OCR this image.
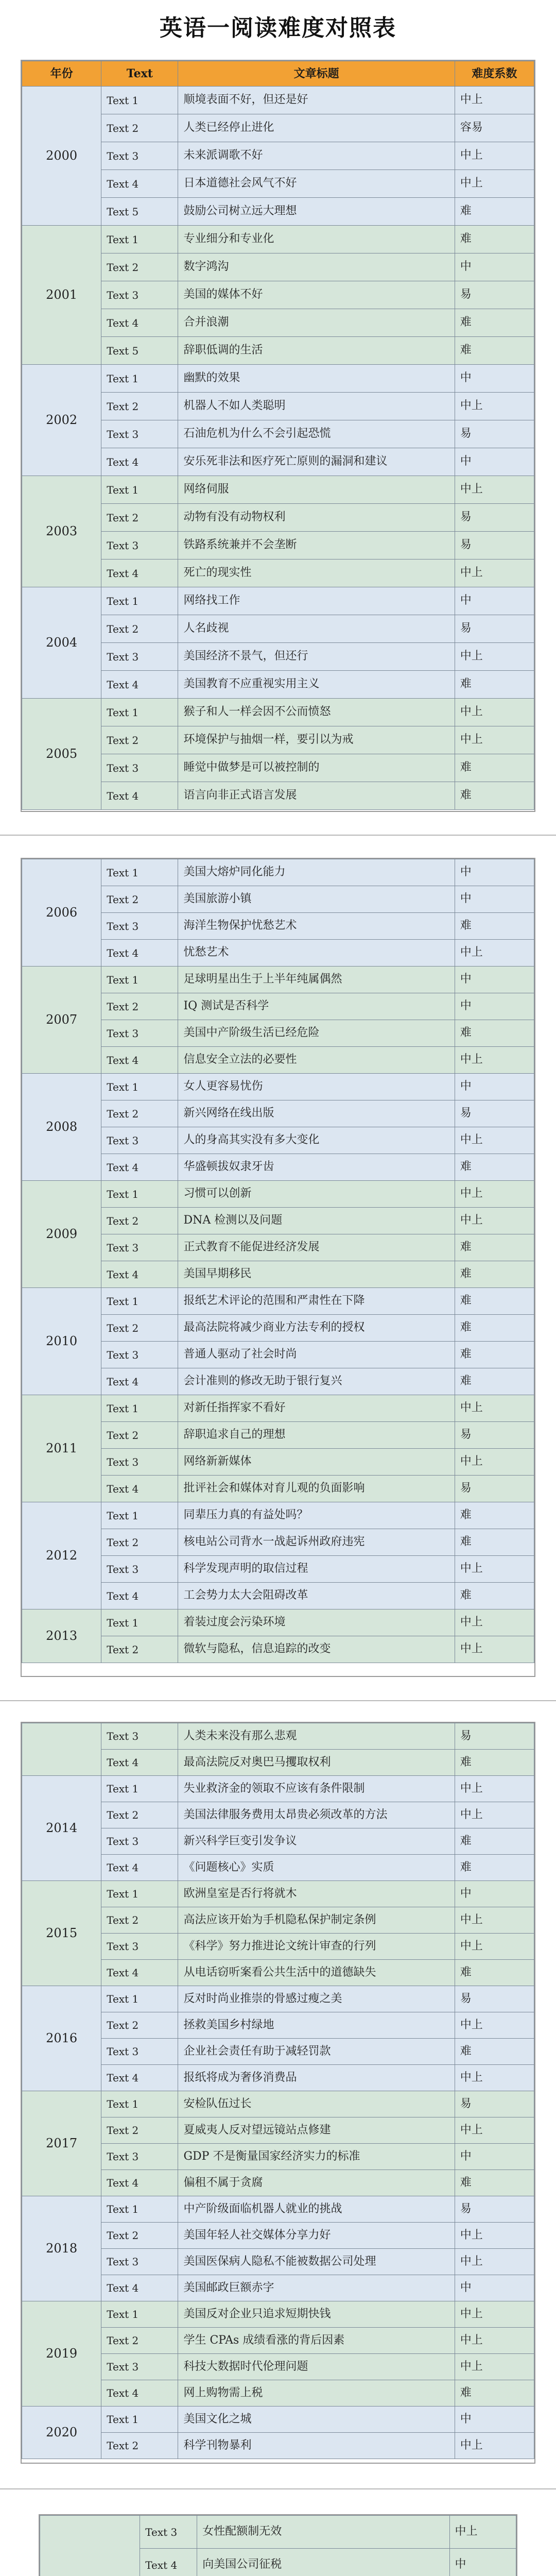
英语一阅读难度对照表
年份	Text	文章标题	难度系数
2000	Text 1	顺境表面不好，但还是好	中上
	Text 2	人类已经停止进化	容易
	Text 3	未来派调歌不好	中上
	Text 4	日本道德社会风气不好	中上
	Text 5	鼓励公司树立远大理想	难
2001	Text 1	专业细分和专业化	难
	Text 2	数字鸿沟	中
	Text 3	美国的媒体不好	易
	Text 4	合并浪潮	难
	Text 5	辞职低调的生活	难
2002	Text 1	幽默的效果	中
	Text 2	机器人不如人类聪明	中上
	Text 3	石油危机为什么不会引起恐慌	易
	Text 4	安乐死非法和医疗死亡原则的漏洞和建议	中
2003	Text 1	网络伺服	中上
	Text 2	动物有没有动物权利	易
	Text 3	铁路系统兼并不会垄断	易
	Text 4	死亡的现实性	中上
2004	Text 1	网络找工作	中
	Text 2	人名歧视	易
	Text 3	美国经济不景气，但还行	中上
	Text 4	美国教育不应重视实用主义	难
2005	Text 1	猴子和人一样会因不公而愤怒	中上
	Text 2	环境保护与抽烟一样，要引以为戒	中上
	Text 3	睡觉中做梦是可以被控制的	难
	Text 4	语言向非正式语言发展	难
2006	Text 1	美国大熔炉同化能力	中
	Text 2	美国旅游小镇	中
	Text 3	海洋生物保护忧愁艺术	难
	Text 4	忧愁艺术	中上
2007	Text 1	足球明星出生于上半年纯属偶然	中
	Text 2	IQ 测试是否科学	中
	Text 3	美国中产阶级生活已经危险	难
	Text 4	信息安全立法的必要性	中上
2008	Text 1	女人更容易忧伤	中
	Text 2	新兴网络在线出版	易
	Text 3	人的身高其实没有多大变化	中上
	Text 4	华盛顿拔奴隶牙齿	难
2009	Text 1	习惯可以创新	中上
	Text 2	DNA 检测以及问题	中上
	Text 3	正式教育不能促进经济发展	难
	Text 4	美国早期移民	难
2010	Text 1	报纸艺术评论的范围和严肃性在下降	难
	Text 2	最高法院将减少商业方法专利的授权	难
	Text 3	普通人驱动了社会时尚	难
	Text 4	会计准则的修改无助于银行复兴	难
2011	Text 1	对新任指挥家不看好	中上
	Text 2	辞职追求自己的理想	易
	Text 3	网络新新媒体	中上
	Text 4	批评社会和媒体对育儿观的负面影响	易
2012	Text 1	同辈压力真的有益处吗？	难
	Text 2	核电站公司背水一战起诉州政府违宪	难
	Text 3	科学发现声明的取信过程	中上
	Text 4	工会势力太大会阻碍改革	难
2013	Text 1	着装过度会污染环境	中上
	Text 2	微软与隐私，信息追踪的改变	中上
	Text 3	人类未来没有那么悲观	易
	Text 4	最高法院反对奥巴马攫取权利	难
2014	Text 1	失业救济金的领取不应该有条件限制	中上
	Text 2	美国法律服务费用太昂贵必须改革的方法	中上
	Text 3	新兴科学巨变引发争议	难
	Text 4	《问题核心》实质	难
2015	Text 1	欧洲皇室是否行将就木	中
	Text 2	高法应该开始为手机隐私保护制定条例	中上
	Text 3	《科学》努力推进论文统计审查的行列	中上
	Text 4	从电话窃听案看公共生活中的道德缺失	难
2016	Text 1	反对时尚业推崇的骨感过瘦之美	易
	Text 2	拯救美国乡村绿地	中上
	Text 3	企业社会责任有助于减轻罚款	难
	Text 4	报纸将成为奢侈消费品	中上
2017	Text 1	安检队伍过长	易
	Text 2	夏威夷人反对望远镜站点修建	中上
	Text 3	GDP 不是衡量国家经济实力的标准	中
	Text 4	偏租不属于贪腐	难
2018	Text 1	中产阶级面临机器人就业的挑战	易
	Text 2	美国年轻人社交媒体分享力好	中上
	Text 3	美国医保病人隐私不能被数据公司处理	中上
	Text 4	美国邮政巨额赤字	中
2019	Text 1	美国反对企业只追求短期快钱	中上
	Text 2	学生 CPAs 成绩看涨的背后因素	中上
	Text 3	科技大数据时代伦理问题	中上
	Text 4	网上购物需上税	难
2020	Text 1	美国文化之城	中
	Text 2	科学刊物暴利	中上
	Text 3	女性配额制无效	中上
	Text 4	向美国公司征税	中
